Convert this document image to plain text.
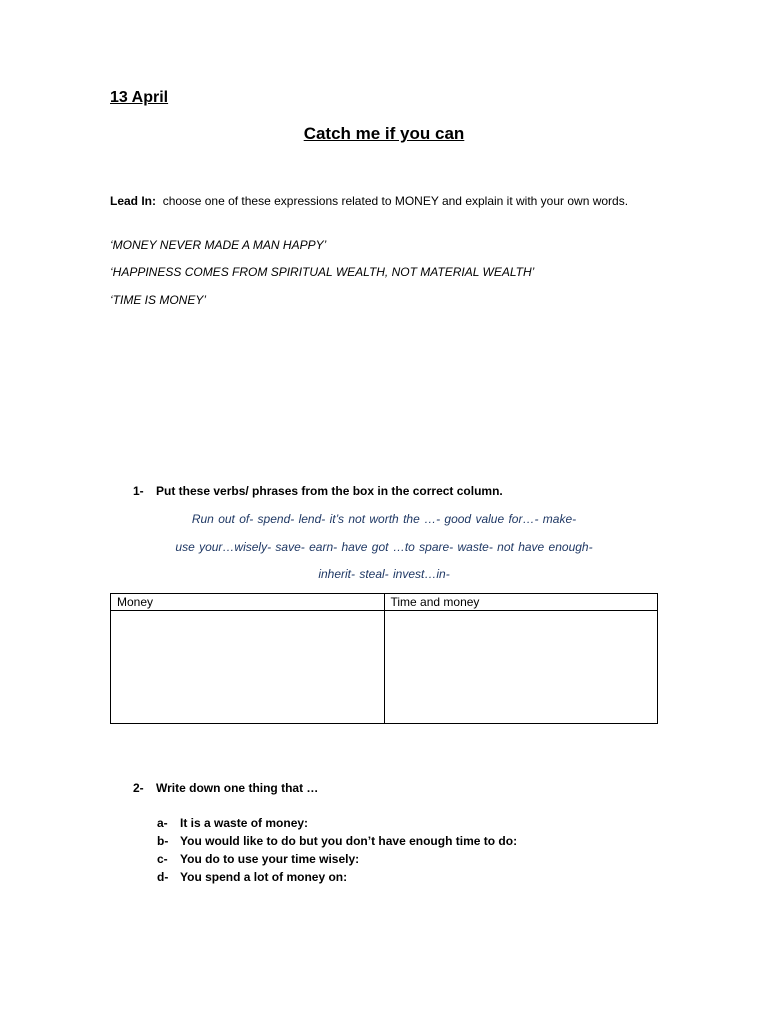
13 April
Catch me if you can
Lead In: choose one of these expressions related to MONEY and explain it with your own words.
‘MONEY NEVER MADE A MAN HAPPY’
‘HAPPINESS COMES FROM SPIRITUAL WEALTH, NOT MATERIAL WEALTH’
‘TIME IS MONEY’
1- Put these verbs/ phrases from the box in the correct column.
Run out of- spend- lend- it’s not worth the …- good value for…- make-
use your…wisely- save- earn- have got …to spare- waste- not have enough-
inherit- steal- invest…in-
Money	Time and money

2- Write down one thing that …
a- It is a waste of money:
b- You would like to do but you don’t have enough time to do:
c- You do to use your time wisely:
d- You spend a lot of money on:
